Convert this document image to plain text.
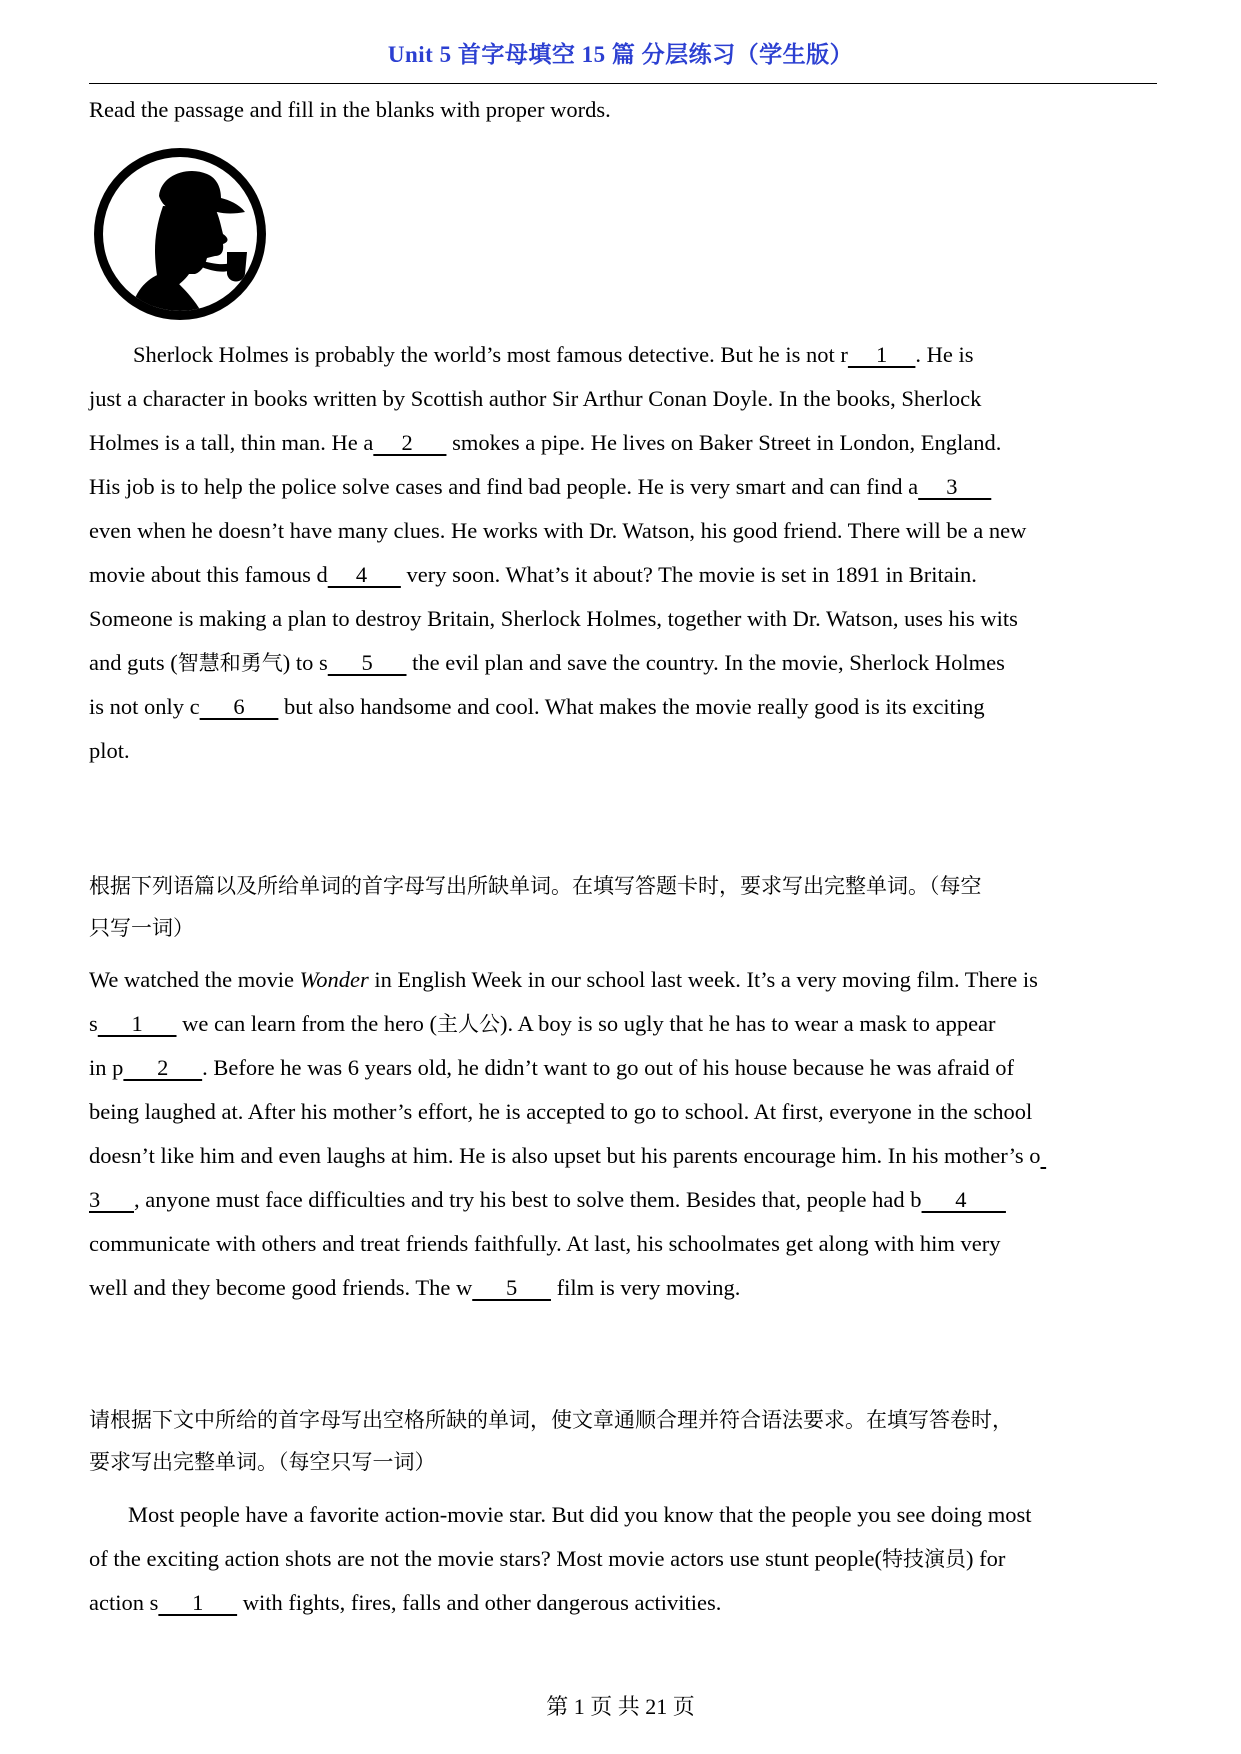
Unit 5 首字母填空 15 篇 分层练习（学生版）
Read the passage and fill in the blanks with proper words.
Sherlock Holmes is probably the world’s most famous detective. But he is not r     1     . He is
just a character in books written by Scottish author Sir Arthur Conan Doyle. In the books, Sherlock
Holmes is a tall, thin man. He a     2       smokes a pipe. He lives on Baker Street in London, England.
His job is to help the police solve cases and find bad people. He is very smart and can find a     3
even when he doesn’t have many clues. He works with Dr. Watson, his good friend. There will be a new
movie about this famous d     4       very soon. What’s it about? The movie is set in 1891 in Britain.
Someone is making a plan to destroy Britain, Sherlock Holmes, together with Dr. Watson, uses his wits
and guts (智慧和勇气) to s      5       the evil plan and save the country. In the movie, Sherlock Holmes
is not only c      6       but also handsome and cool. What makes the movie really good is its exciting
plot.
根据下列语篇以及所给单词的首字母写出所缺单词。在填写答题卡时，要求写出完整单词。（每空
只写一词）
We watched the movie Wonder in English Week in our school last week. It’s a very moving film. There is
s      1       we can learn from the hero (主人公). A boy is so ugly that he has to wear a mask to appear
in p      2      . Before he was 6 years old, he didn’t want to go out of his house because he was afraid of
being laughed at. After his mother’s effort, he is accepted to go to school. At first, everyone in the school
doesn’t like him and even laughs at him. He is also upset but his parents encourage him. In his mother’s o
3      , anyone must face difficulties and try his best to solve them. Besides that, people had b      4
communicate with others and treat friends faithfully. At last, his schoolmates get along with him very
well and they become good friends. The w      5       film is very moving.
请根据下文中所给的首字母写出空格所缺的单词，使文章通顺合理并符合语法要求。在填写答卷时，
要求写出完整单词。（每空只写一词）
Most people have a favorite action-movie star. But did you know that the people you see doing most
of the exciting action shots are not the movie stars? Most movie actors use stunt people(特技演员) for
action s      1       with fights, fires, falls and other dangerous activities.
第 1 页 共 21 页
